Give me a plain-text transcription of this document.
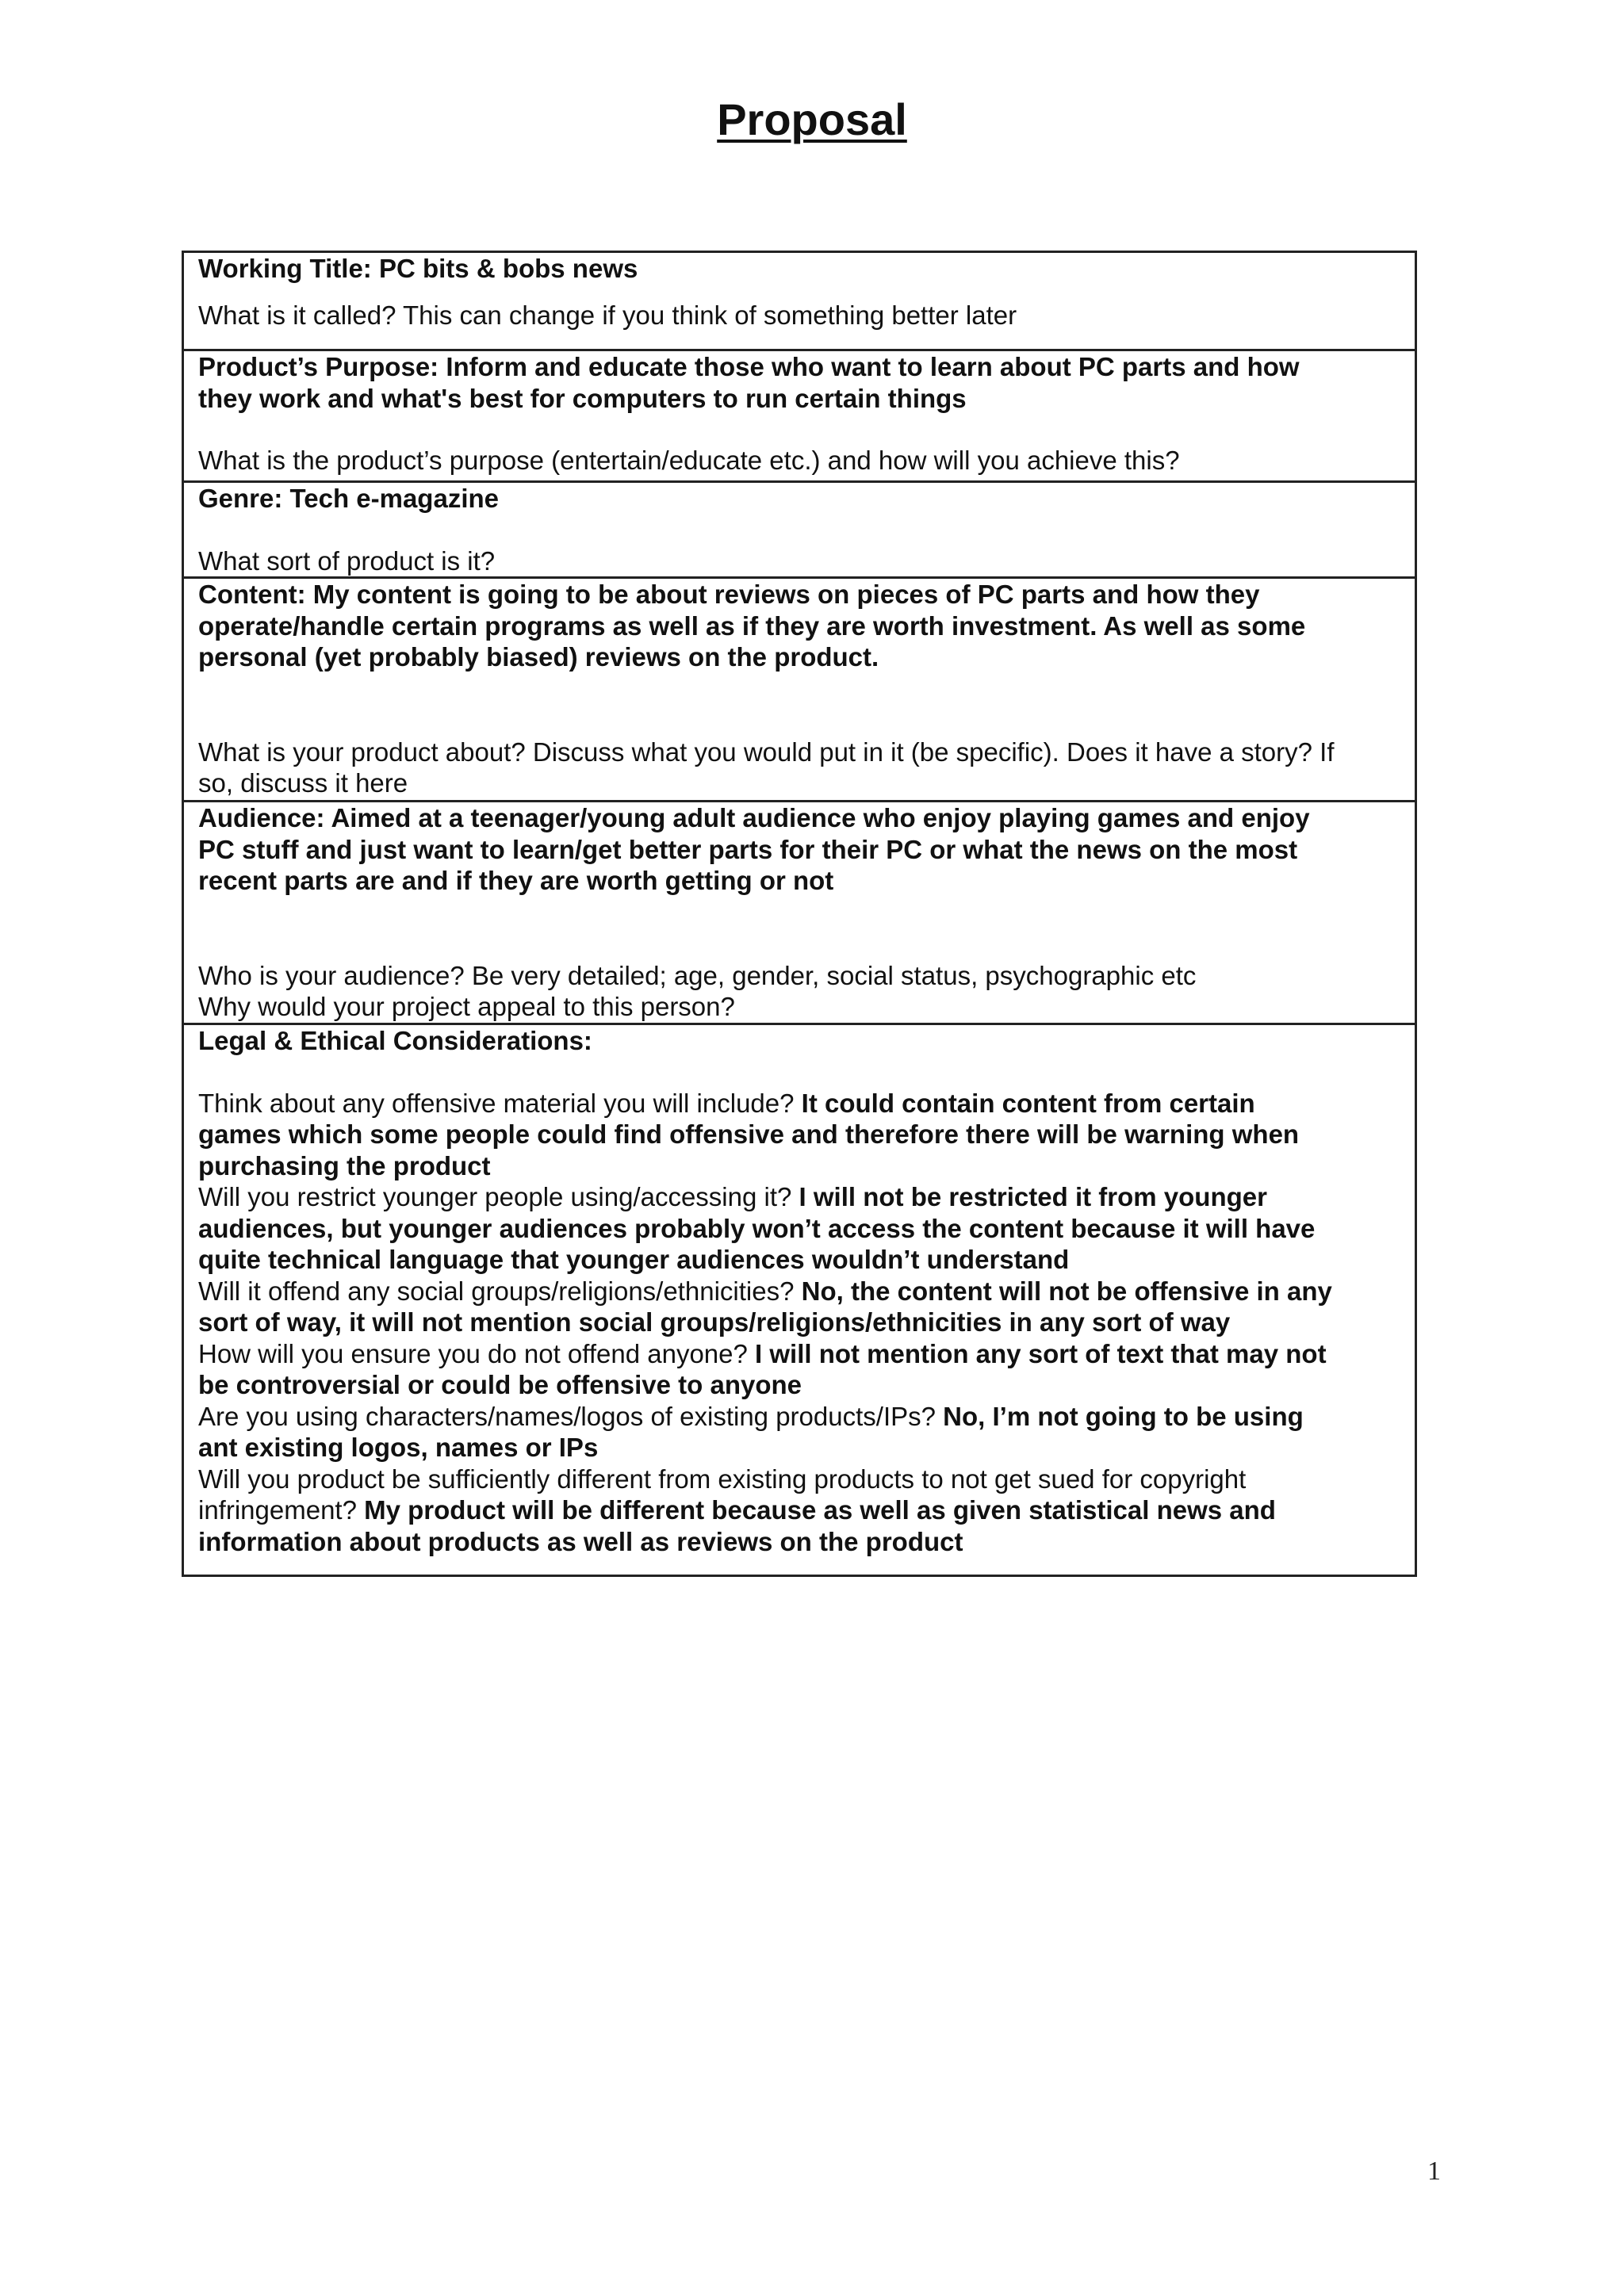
Proposal
Working Title: PC bits & bobs news
What is it called? This can change if you think of something better later
Product’s Purpose: Inform and educate those who want to learn about PC parts and how
they work and what's best for computers to run certain things
What is the product’s purpose (entertain/educate etc.) and how will you achieve this?
Genre: Tech e-magazine
What sort of product is it?
Content: My content is going to be about reviews on pieces of PC parts and how they
operate/handle certain programs as well as if they are worth investment. As well as some
personal (yet probably biased) reviews on the product.
What is your product about? Discuss what you would put in it (be specific). Does it have a story? If
so, discuss it here
Audience: Aimed at a teenager/young adult audience who enjoy playing games and enjoy
PC stuff and just want to learn/get better parts for their PC or what the news on the most
recent parts are and if they are worth getting or not
Who is your audience? Be very detailed; age, gender, social status, psychographic etc
Why would your project appeal to this person?
Legal & Ethical Considerations:
Think about any offensive material you will include? It could contain content from certain
games which some people could find offensive and therefore there will be warning when
purchasing the product
Will you restrict younger people using/accessing it? I will not be restricted it from younger
audiences, but younger audiences probably won’t access the content because it will have
quite technical language that younger audiences wouldn’t understand
Will it offend any social groups/religions/ethnicities? No, the content will not be offensive in any
sort of way, it will not mention social groups/religions/ethnicities in any sort of way
How will you ensure you do not offend anyone? I will not mention any sort of text that may not
be controversial or could be offensive to anyone
Are you using characters/names/logos of existing products/IPs? No, I’m not going to be using
ant existing logos, names or IPs
Will you product be sufficiently different from existing products to not get sued for copyright
infringement? My product will be different because as well as given statistical news and
information about products as well as reviews on the product
1
